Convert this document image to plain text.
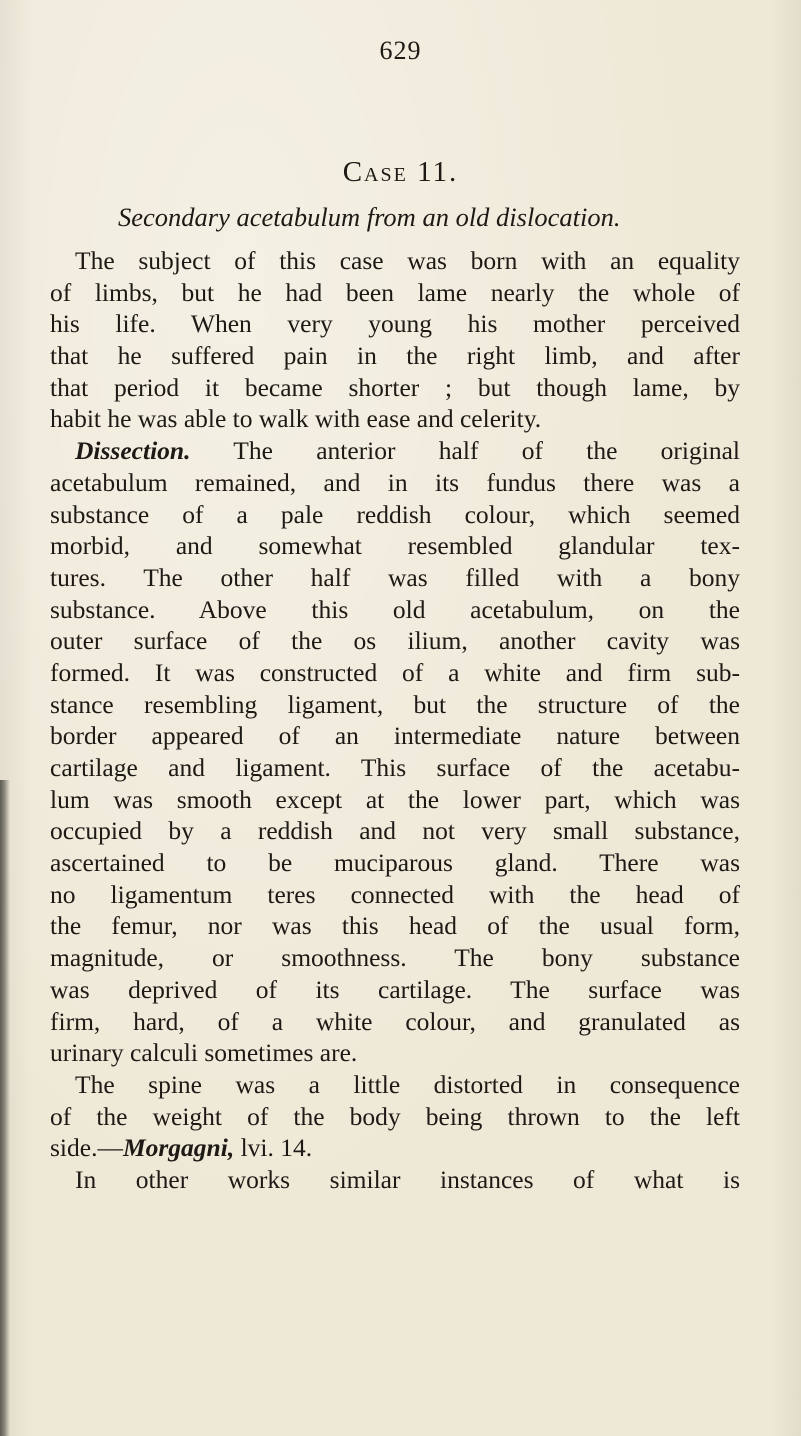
629
Case 11.
Secondary acetabulum from an old dislocation.
The subject of this case was born with an equality
of limbs, but he had been lame nearly the whole of
his life. When very young his mother perceived
that he suffered pain in the right limb, and after
that period it became shorter ; but though lame, by
habit he was able to walk with ease and celerity.
Dissection. The anterior half of the original
acetabulum remained, and in its fundus there was a
substance of a pale reddish colour, which seemed
morbid, and somewhat resembled glandular tex-
tures. The other half was filled with a bony
substance. Above this old acetabulum, on the
outer surface of the os ilium, another cavity was
formed. It was constructed of a white and firm sub-
stance resembling ligament, but the structure of the
border appeared of an intermediate nature between
cartilage and ligament. This surface of the acetabu-
lum was smooth except at the lower part, which was
occupied by a reddish and not very small substance,
ascertained to be muciparous gland. There was
no ligamentum teres connected with the head of
the femur, nor was this head of the usual form,
magnitude, or smoothness. The bony substance
was deprived of its cartilage. The surface was
firm, hard, of a white colour, and granulated as
urinary calculi sometimes are.
The spine was a little distorted in consequence
of the weight of the body being thrown to the left
side.—Morgagni, lvi. 14.
In other works similar instances of what is
